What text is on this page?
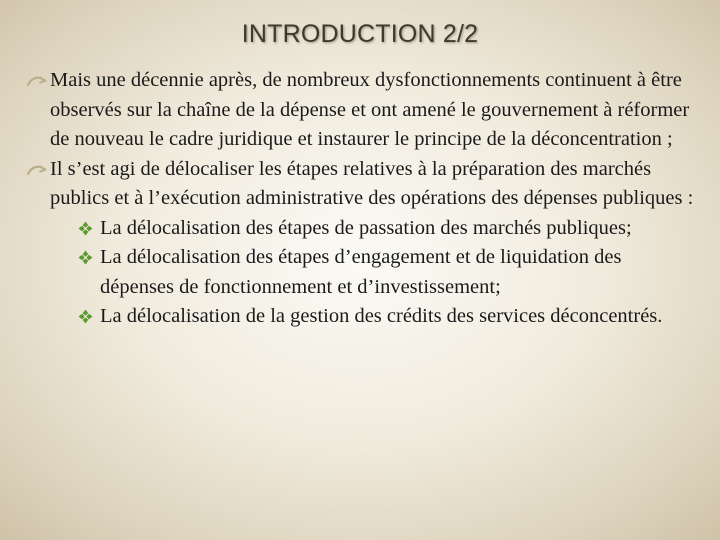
INTRODUCTION 2/2
Mais une décennie après, de nombreux dysfonctionnements continuent à être observés sur la chaîne de la dépense et ont amené le gouvernement à réformer de nouveau le cadre juridique et instaurer le principe de la déconcentration ;
Il s’est agi de délocaliser les étapes relatives à la préparation des marchés publics et à l’exécution administrative des opérations des dépenses publiques :
La délocalisation des étapes de passation des marchés publiques;
La délocalisation des étapes d’engagement et de liquidation des dépenses de fonctionnement et d’investissement;
La délocalisation de la gestion des crédits des services déconcentrés.
